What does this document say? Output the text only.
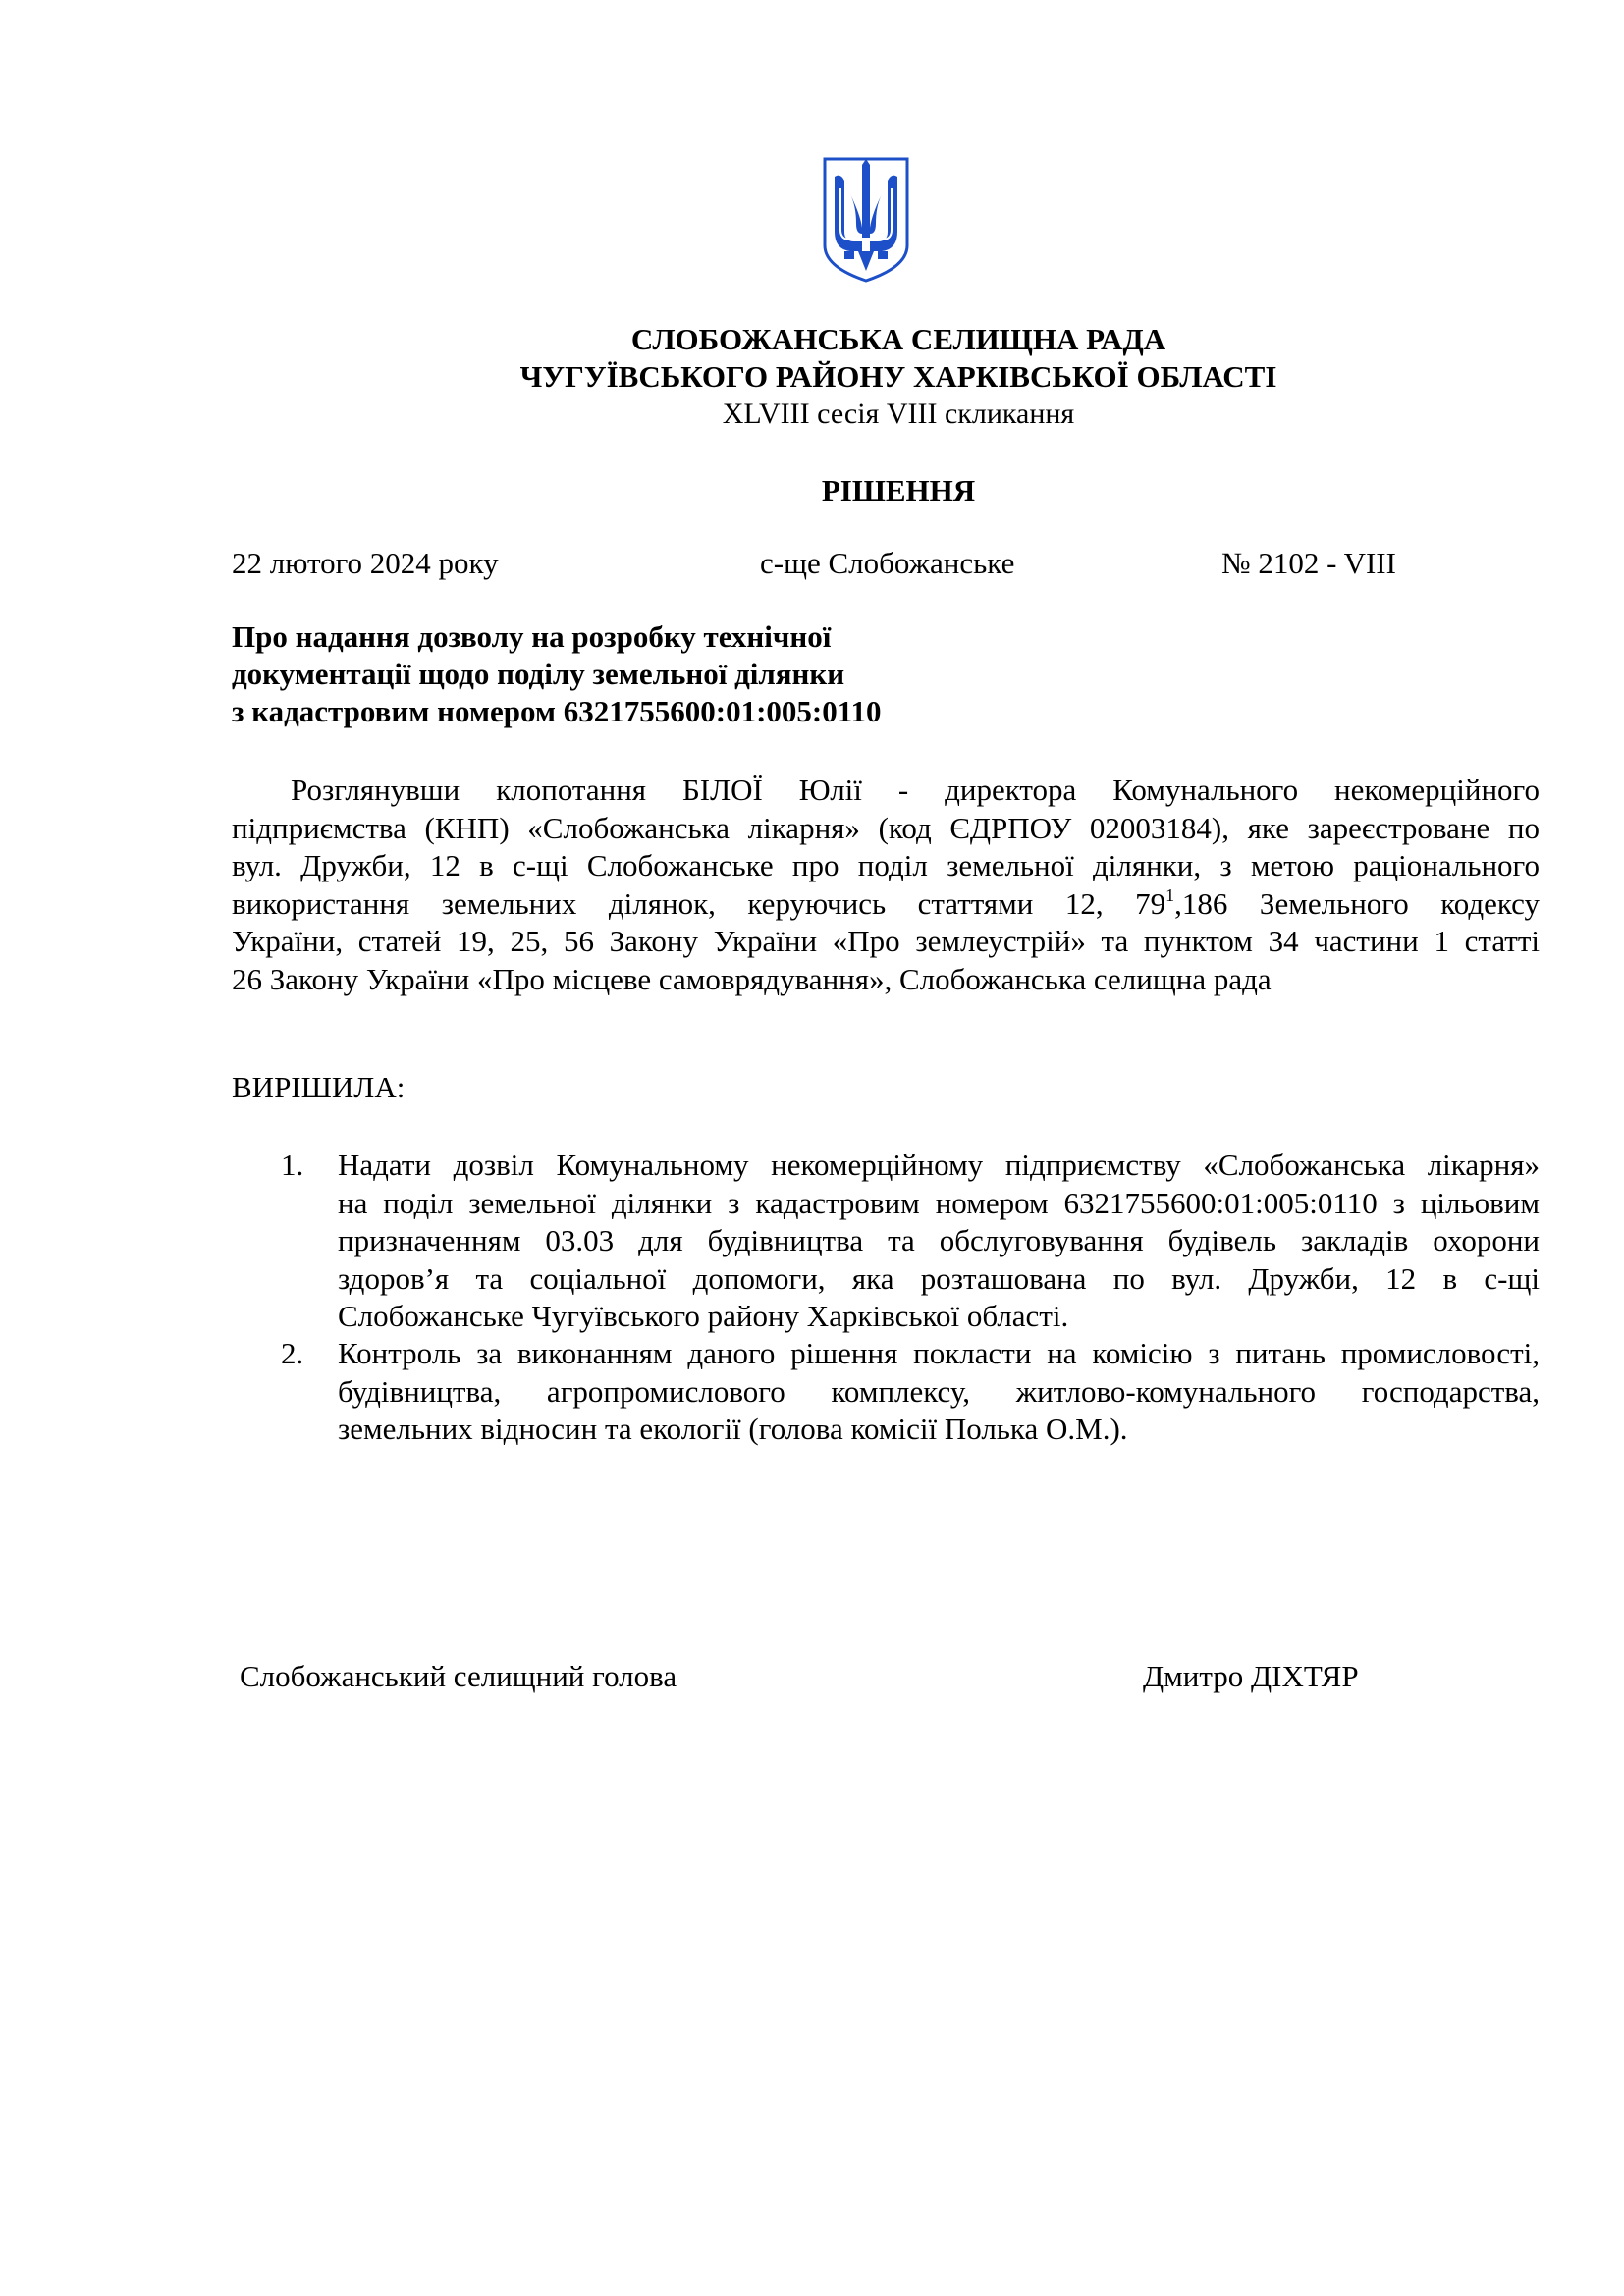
СЛОБОЖАНСЬКА СЕЛИЩНА РАДА
ЧУГУЇВСЬКОГО РАЙОНУ ХАРКІВСЬКОЇ ОБЛАСТІ
XLVIII сесія VIII скликання
РІШЕННЯ
22 лютого 2024 року	с-ще Слобожанське	№ 2102 - VIII
Про надання дозволу на розробку технічної
документації щодо поділу земельної ділянки
з кадастровим номером 6321755600:01:005:0110
Розглянувши клопотання БІЛОЇ Юлії - директора Комунального некомерційного
підприємства (КНП) «Слобожанська лікарня» (код ЄДРПОУ 02003184), яке зареєстроване по
вул. Дружби, 12 в с-щі Слобожанське про поділ земельної ділянки, з метою раціонального
використання земельних ділянок, керуючись статтями 12, $79^1,186$ Земельного кодексу
України, статей 19, 25, 56 Закону України «Про землеустрій» та пунктом 34 частини 1 статті
26 Закону України «Про місцеве самоврядування», Слобожанська селищна рада
ВИРІШИЛА:
1. Надати дозвіл Комунальному некомерційному підприємству «Слобожанська лікарня»
на поділ земельної ділянки з кадастровим номером 6321755600:01:005:0110 з цільовим
призначенням 03.03 для будівництва та обслуговування будівель закладів охорони
здоров’я та соціальної допомоги, яка розташована по вул. Дружби, 12 в с-щі
Слобожанське Чугуївського району Харківської області.
2. Контроль за виконанням даного рішення покласти на комісію з питань промисловості,
будівництва, агропромислового комплексу, житлово-комунального господарства,
земельних відносин та екології (голова комісії Полька О.М.).
Слобожанський селищний голова	Дмитро ДІХТЯР
